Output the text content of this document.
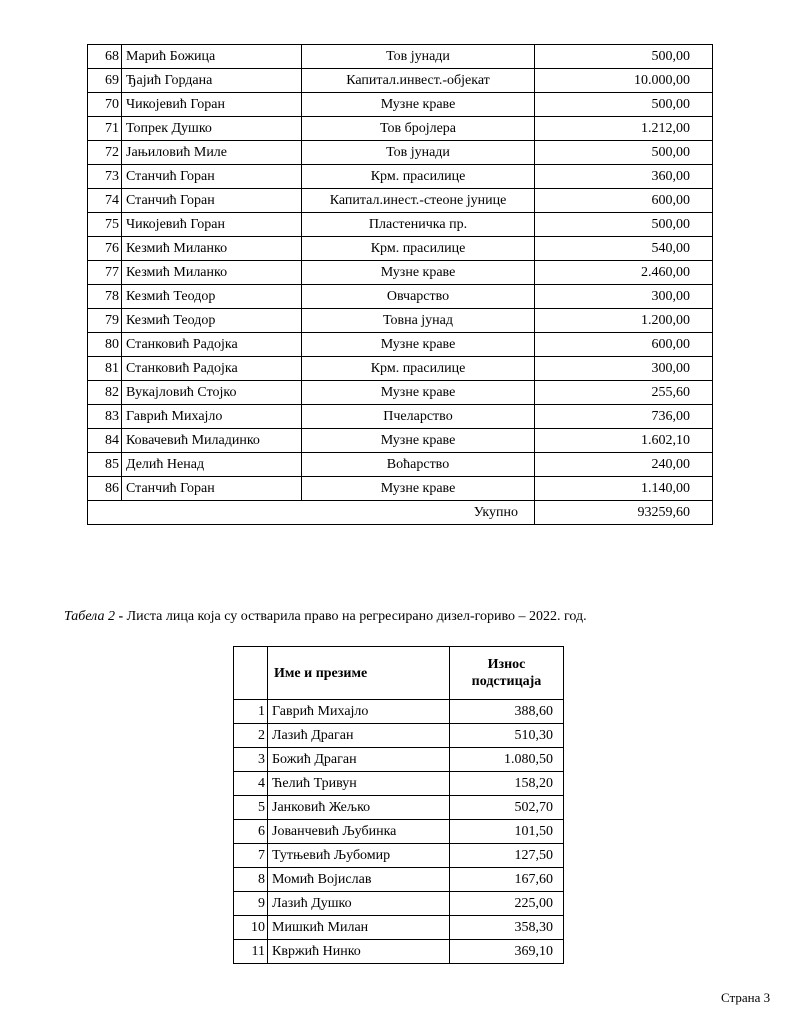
68	Марић Божица	Тов јунади	500,00
69	Ђајић Гордана	Капитал.инвест.-објекат	10.000,00
70	Чикојевић Горан	Музне краве	500,00
71	Топрек Душко	Тов бројлера	1.212,00
72	Јањиловић Миле	Тов јунади	500,00
73	Станчић Горан	Крм. прасилице	360,00
74	Станчић Горан	Капитал.инест.-стеоне јунице	600,00
75	Чикојевић Горан	Пластеничка пр.	500,00
76	Кезмић Миланко	Крм. прасилице	540,00
77	Кезмић Миланко	Музне краве	2.460,00
78	Кезмић Теодор	Овчарство	300,00
79	Кезмић Теодор	Товна јунад	1.200,00
80	Станковић Радојка	Музне краве	600,00
81	Станковић Радојка	Крм. прасилице	300,00
82	Вукајловић Стојко	Музне краве	255,60
83	Гаврић Михајло	Пчеларство	736,00
84	Ковачевић Миладинко	Музне краве	1.602,10
85	Делић Ненад	Воћарство	240,00
86	Станчић Горан	Музне краве	1.140,00
Укупно			93259,60

Табела 2 - Листа лица која су остварила право на регресирано дизел-гориво – 2022. год.

	Име и презиме	Износ подстицаја
1	Гаврић Михајло	388,60
2	Лазић Драган	510,30
3	Божић Драган	1.080,50
4	Ћелић Тривун	158,20
5	Јанковић Жељко	502,70
6	Јованчевић Љубинка	101,50
7	Тутњевић Љубомир	127,50
8	Момић Војислав	167,60
9	Лазић Душко	225,00
10	Мишкић Милан	358,30
11	Квржић Нинко	369,10
Страна 3
